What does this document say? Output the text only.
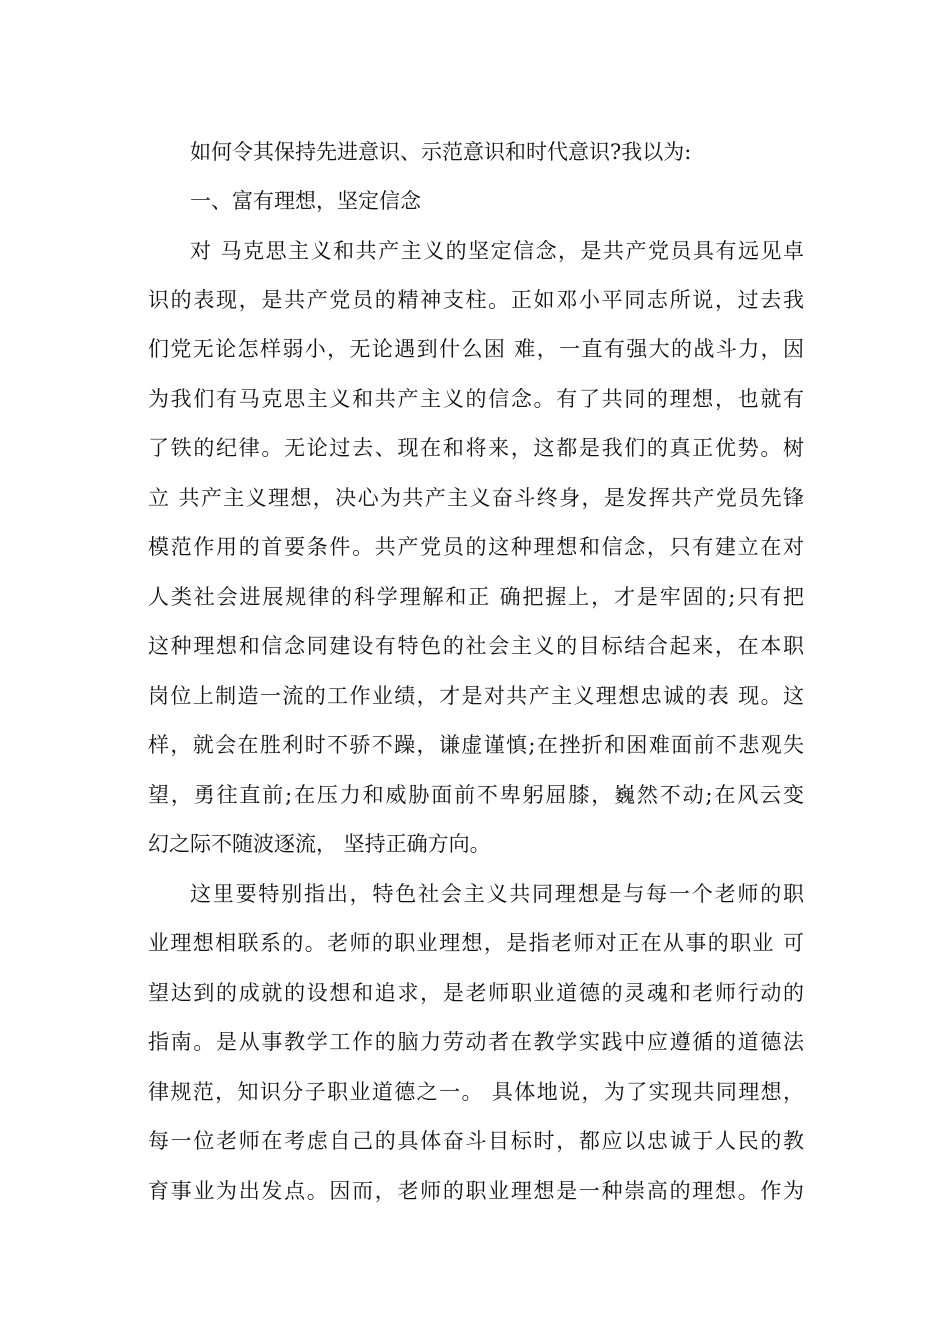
如何令其保持先进意识、示范意识和时代意识?我以为:
一、富有理想，坚定信念
对 马克思主义和共产主义的坚定信念，是共产党员具有远见卓
识的表现，是共产党员的精神支柱。正如邓小平同志所说，过去我
们党无论怎样弱小，无论遇到什么困 难，一直有强大的战斗力，因
为我们有马克思主义和共产主义的信念。有了共同的理想，也就有
了铁的纪律。无论过去、现在和将来，这都是我们的真正优势。树
立 共产主义理想，决心为共产主义奋斗终身，是发挥共产党员先锋
模范作用的首要条件。共产党员的这种理想和信念，只有建立在对
人类社会进展规律的科学理解和正 确把握上，才是牢固的;只有把
这种理想和信念同建设有特色的社会主义的目标结合起来，在本职
岗位上制造一流的工作业绩，才是对共产主义理想忠诚的表 现。这
样，就会在胜利时不骄不躁，谦虚谨慎;在挫折和困难面前不悲观失
望，勇往直前;在压力和威胁面前不卑躬屈膝，巍然不动;在风云变
幻之际不随波逐流， 坚持正确方向。
这里要特别指出，特色社会主义共同理想是与每一个老师的职
业理想相联系的。老师的职业理想，是指老师对正在从事的职业 可
望达到的成就的设想和追求，是老师职业道德的灵魂和老师行动的
指南。是从事教学工作的脑力劳动者在教学实践中应遵循的道德法
律规范，知识分子职业道德之一。 具体地说，为了实现共同理想，
每一位老师在考虑自己的具体奋斗目标时，都应以忠诚于人民的教
育事业为出发点。因而，老师的职业理想是一种崇高的理想。作为
